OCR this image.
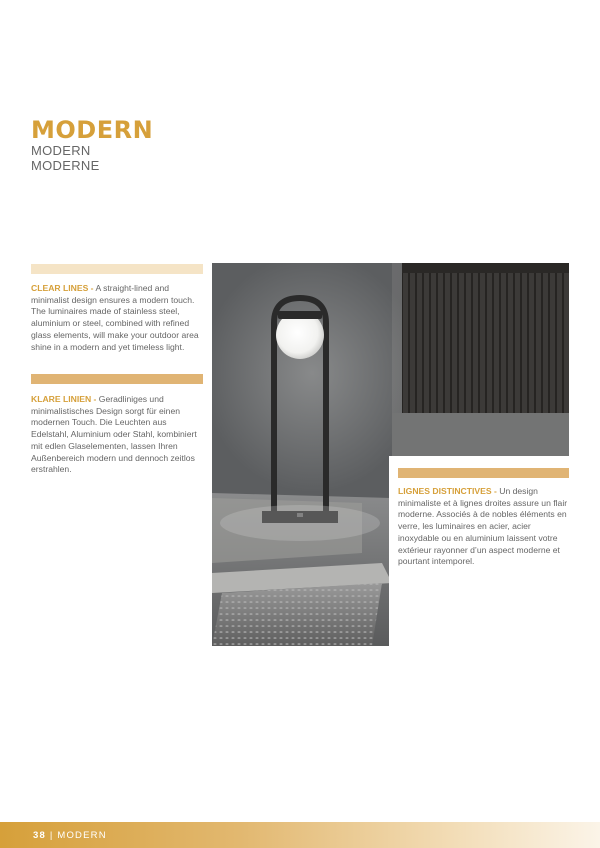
MODERN
MODERN
MODERNE
CLEAR LINES - A straight-lined and minimalist design ensures a modern touch. The luminaires made of stainless steel, aluminium or steel, combined with refined glass elements, will make your outdoor area shine in a modern and yet timeless light.
KLARE LINIEN - Geradliniges und minimalistisches Design sorgt für einen modernen Touch. Die Leuchten aus Edelstahl, Aluminium oder Stahl, kombiniert mit edlen Glaselementen, lassen Ihren Außenbereich modern und dennoch zeitlos erstrahlen.
LIGNES DISTINCTIVES - Un design minimaliste et à lignes droites assure un flair moderne. Associés à de nobles éléments en verre, les luminaires en acier, acier inoxydable ou en aluminium laissent votre extérieur rayonner d’un aspect moderne et pourtant intemporel.
38 | MODERN
